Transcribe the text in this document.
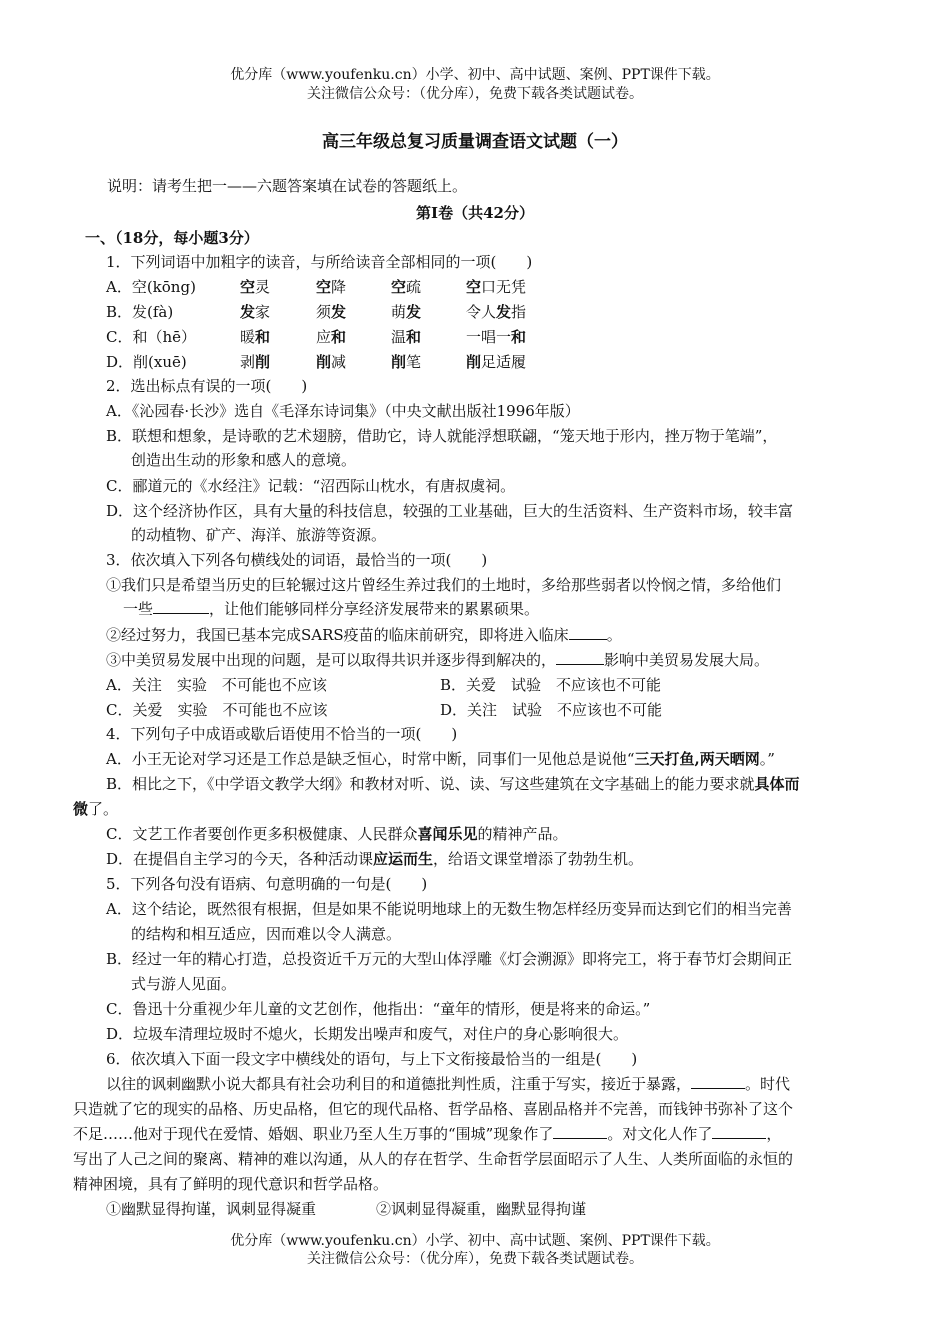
优分库（www.youfenku.cn）小学、初中、高中试题、案例、PPT课件下载。
关注微信公众号：（优分库），免费下载各类试题试卷。
高三年级总复习质量调查语文试题（一）
说明：请考生把一——六题答案填在试卷的答题纸上。
第Ⅰ卷（共42分）
一、（18分，每小题3分）
1．下列词语中加粗字的读音，与所给读音全部相同的一项(　　)
A．空(kōng)	空灵	空降	空疏	空口无凭
B．发(fà)	发家	须发	萌发	令人发指
C．和（hē）	暖和	应和	温和	一唱一和
D．削(xuē)	剥削	削减	削笔	削足适履
2．选出标点有误的一项(　　)
A．《沁园春·长沙》选自《毛泽东诗词集》（中央文献出版社1996年版）
B．联想和想象，是诗歌的艺术翅膀，借助它，诗人就能浮想联翩，“笼天地于形内，挫万物于笔端”，
创造出生动的形象和感人的意境。
C．郦道元的《水经注》记载：“沼西际山枕水，有唐叔虞祠。
D．这个经济协作区，具有大量的科技信息，较强的工业基础，巨大的生活资料、生产资料市场，较丰富
的动植物、矿产、海洋、旅游等资源。
3．依次填入下列各句横线处的词语，最恰当的一项(　　)
①我们只是希望当历史的巨轮辗过这片曾经生养过我们的土地时，多给那些弱者以怜悯之情，多给他们
一些	，让他们能够同样分享经济发展带来的累累硕果。
②经过努力，我国已基本完成SARS疫苗的临床前研究，即将进入临床	。
③中美贸易发展中出现的问题，是可以取得共识并逐步得到解决的，	影响中美贸易发展大局。
A．关注　实验　不可能也不应该	B．关爱　试验　不应该也不可能
C．关爱　实验　不可能也不应该	D．关注　试验　不应该也不可能
4．下列句子中成语或歇后语使用不恰当的一项(　　)
A．小王无论对学习还是工作总是缺乏恒心，时常中断，同事们一见他总是说他“三天打鱼,两天晒网。”
B．相比之下，《中学语文教学大纲》和教材对听、说、读、写这些建筑在文字基础上的能力要求就具体而
微了。
C．文艺工作者要创作更多积极健康、人民群众喜闻乐见的精神产品。
D．在提倡自主学习的今天，各种活动课应运而生，给语文课堂增添了勃勃生机。
5．下列各句没有语病、句意明确的一句是(　　)
A．这个结论，既然很有根据，但是如果不能说明地球上的无数生物怎样经历变异而达到它们的相当完善
的结构和相互适应，因而难以令人满意。
B．经过一年的精心打造，总投资近千万元的大型山体浮雕《灯会溯源》即将完工，将于春节灯会期间正
式与游人见面。
C．鲁迅十分重视少年儿童的文艺创作，他指出：“童年的情形，便是将来的命运。”
D．垃圾车清理垃圾时不熄火，长期发出噪声和废气，对住户的身心影响很大。
6．依次填入下面一段文字中横线处的语句，与上下文衔接最恰当的一组是(　　)
以往的讽刺幽默小说大都具有社会功利目的和道德批判性质，注重于写实，接近于暴露，	。时代
只造就了它的现实的品格、历史品格，但它的现代品格、哲学品格、喜剧品格并不完善，而钱钟书弥补了这个
不足……他对于现代在爱情、婚姻、职业乃至人生万事的“围城”现象作了	。对文化人作了	，
写出了人己之间的聚离、精神的难以沟通，从人的存在哲学、生命哲学层面昭示了人生、人类所面临的永恒的
精神困境，具有了鲜明的现代意识和哲学品格。
①幽默显得拘谨，讽刺显得凝重	②讽刺显得凝重，幽默显得拘谨
优分库（www.youfenku.cn）小学、初中、高中试题、案例、PPT课件下载。
关注微信公众号：（优分库），免费下载各类试题试卷。
